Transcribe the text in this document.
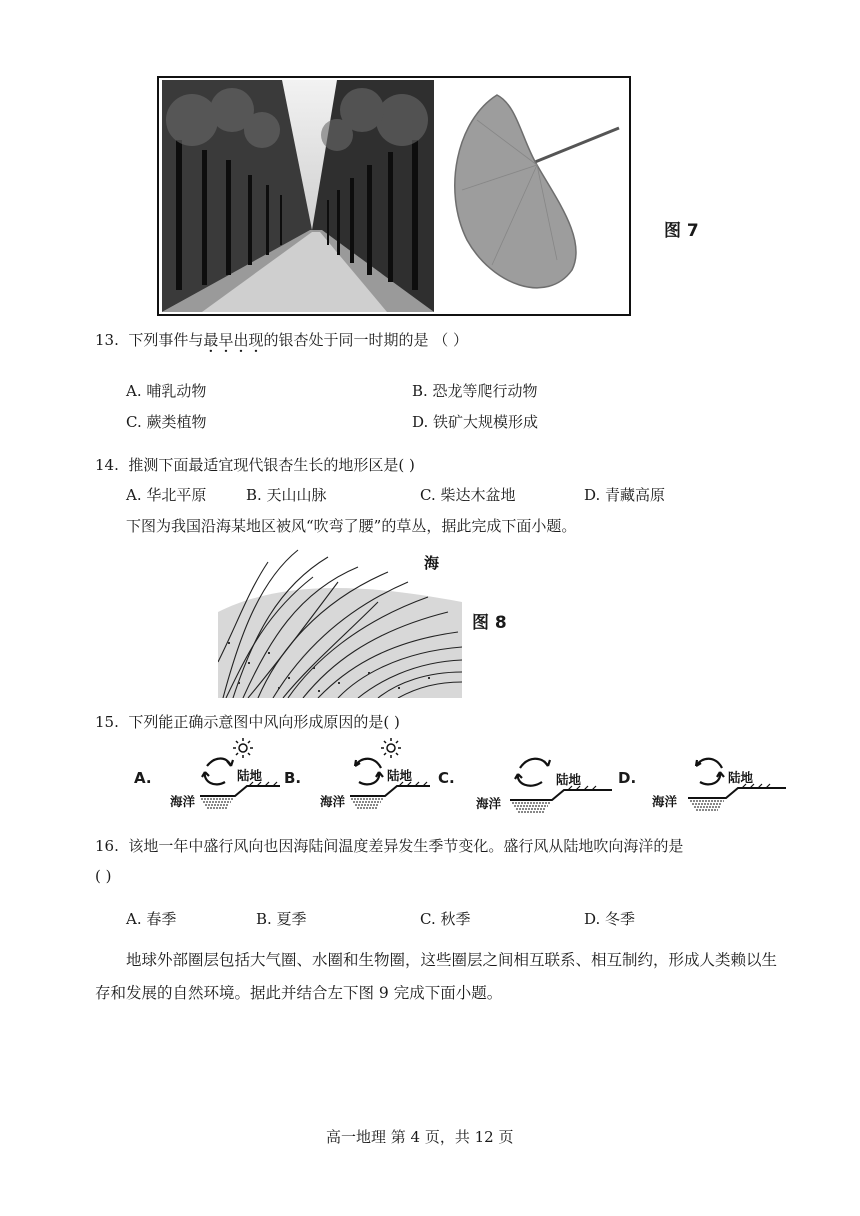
图 7
13. 下列事件与最早出现的银杏处于同一时期的是 （ ）
A. 哺乳动物	B. 恐龙等爬行动物
C. 蕨类植物	D. 铁矿大规模形成
14. 推测下面最适宜现代银杏生长的地形区是( )
A. 华北平原	B. 天山山脉	C. 柴达木盆地	D. 青藏高原
下图为我国沿海某地区被风“吹弯了腰”的草丛，据此完成下面小题。
海
图 8
15. 下列能正确示意图中风向形成原因的是( )
A.	陆地
海洋
B.	陆地
海洋
C.	陆地
海洋
D.	陆地
海洋
16. 该地一年中盛行风向也因海陆间温度差异发生季节变化。盛行风从陆地吹向海洋的是
( )
A. 春季	B. 夏季	C. 秋季	D. 冬季
地球外部圈层包括大气圈、水圈和生物圈，这些圈层之间相互联系、相互制约，形成人类赖以生存和发展的自然环境。据此并结合左下图 9 完成下面小题。
高一地理 第 4 页，共 12 页
